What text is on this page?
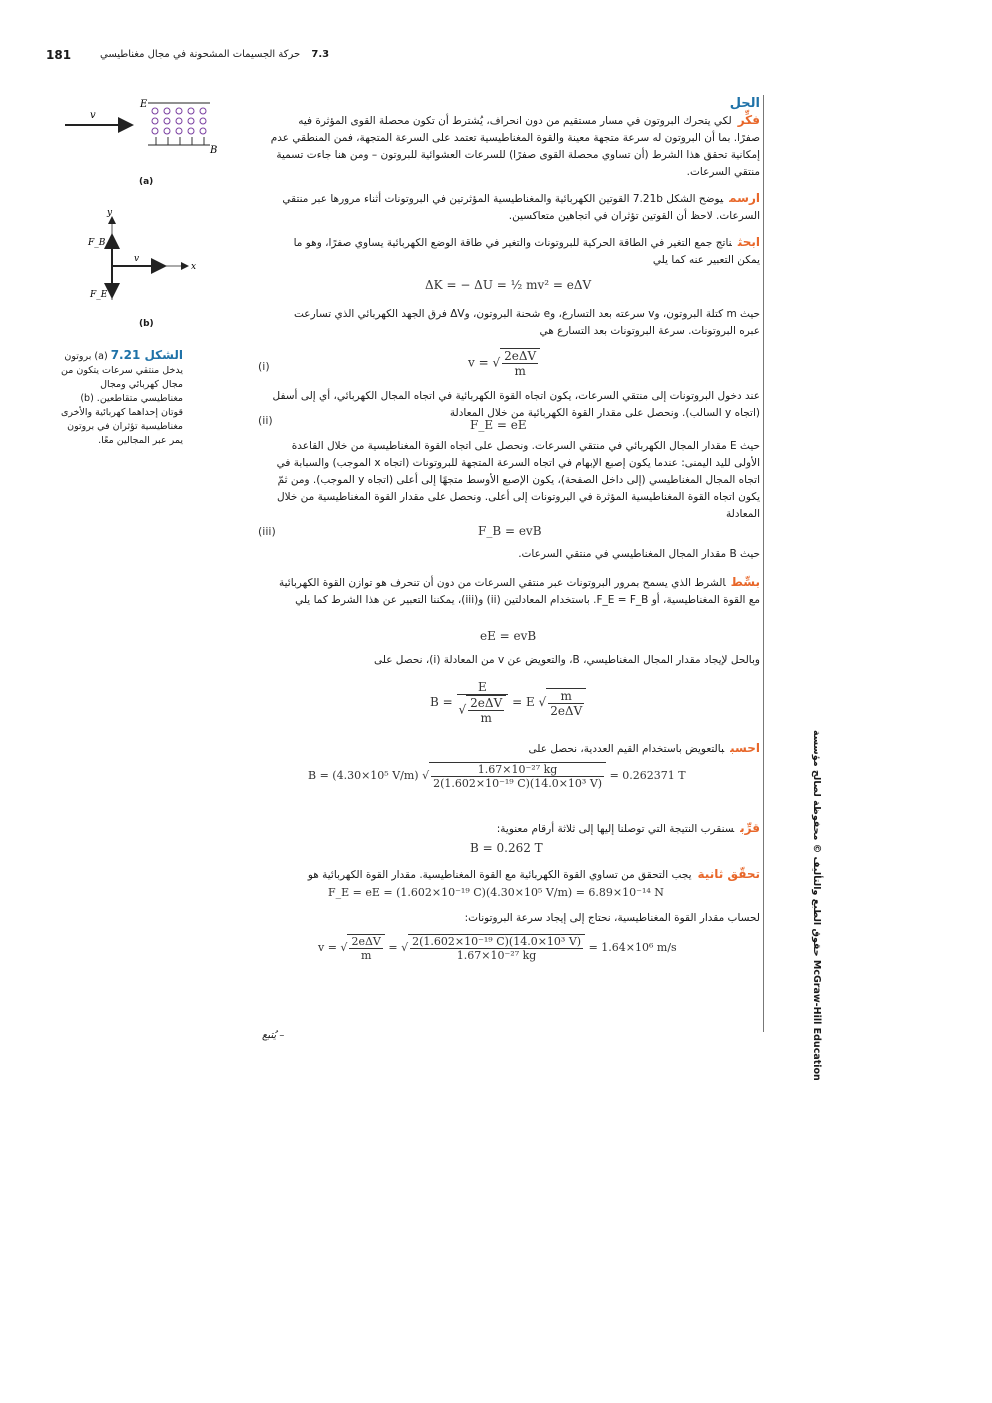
181	7.3 حركة الجسيمات المشحونة في مجال مغناطيسي
حقوق الطبع والتأليف © محفوظة لصالح مؤسسة McGraw-Hill Education
v
E
B
(a)
y
x
F_B
F_E
v
(b)
الشكل 7.21 (a) بروتون يدخل منتقي سرعات يتكون من مجال كهربائي ومجال مغناطيسي متقاطعين. (b) قوتان إحداهما كهربائية والأخرى مغناطيسية تؤثران في بروتون يمر عبر المجالين معًا.
الحل
فكِّرلكي يتحرك البروتون في مسار مستقيم من دون انحراف، يُشترط أن تكون محصلة القوى المؤثرة فيه صفرًا. بما أن البروتون له سرعة متجهة معينة والقوة المغناطيسية تعتمد على السرعة المتجهة، فمن المنطقي عدم إمكانية تحقق هذا الشرط (أن تساوي محصلة القوى صفرًا) للسرعات العشوائية للبروتون – ومن هنا جاءت تسمية منتقي السرعات.
ارسميوضح الشكل 7.21b القوتين الكهربائية والمغناطيسية المؤثرتين في البروتونات أثناء مرورها عبر منتقي السرعات. لاحظ أن القوتين تؤثران في اتجاهين متعاكسين.
ابحثناتج جمع التغير في الطاقة الحركية للبروتونات والتغير في طاقة الوضع الكهربائية يساوي صفرًا، وهو ما يمكن التعبير عنه كما يلي
ΔK = − ΔU = ½ mv² = eΔV
حيث m كتلة البروتون، وv سرعته بعد التسارع، وe شحنة البروتون، وΔV فرق الجهد الكهربائي الذي تسارعت عبره البروتونات. سرعة البروتونات بعد التسارع هي
(i)	v = √ $\frac{\text{2eΔV}}{m}$
عند دخول البروتونات إلى منتقي السرعات، يكون اتجاه القوة الكهربائية في اتجاه المجال الكهربائي، أي إلى أسفل (اتجاه y السالب). ونحصل على مقدار القوة الكهربائية من خلال المعادلة
(ii)	F_E = eE
حيث E مقدار المجال الكهربائي في منتقي السرعات. ونحصل على اتجاه القوة المغناطيسية من خلال القاعدة الأولى لليد اليمنى: عندما يكون إصبع الإبهام في اتجاه السرعة المتجهة للبروتونات (اتجاه x الموجب) والسبابة في اتجاه المجال المغناطيسي (إلى داخل الصفحة)، يكون الإصبع الأوسط متجهًا إلى أعلى (اتجاه y الموجب). ومن ثمّ يكون اتجاه القوة المغناطيسية المؤثرة في البروتونات إلى أعلى. ونحصل على مقدار القوة المغناطيسية من خلال المعادلة
(iii)	F_B = evB
حيث B مقدار المجال المغناطيسي في منتقي السرعات.
بسِّطالشرط الذي يسمح بمرور البروتونات عبر منتقي السرعات من دون أن تنحرف هو توازن القوة الكهربائية مع القوة المغناطيسية، أو F_E = F_B. باستخدام المعادلتين (ii) و(iii)، يمكننا التعبير عن هذا الشرط كما يلي
eE = evB
وبالحل لإيجاد مقدار المجال المغناطيسي، B، والتعويض عن v من المعادلة (i)، نحصل على
$B = \frac{E}{√ \frac{\text{2eΔV}}{m}} = E$ √ $\frac{m}{\text{2eΔV}}$
احسببالتعويض باستخدام القيم العددية، نحصل على
B = (4.30×10⁵ V/m) √ $\frac{\text{1.67×10⁻²⁷ kg}}{\text{2(1.602×10⁻¹⁹ C)(14.0×10³ V)}} = 0.262371$ T
قرِّبسنقرب النتيجة التي توصلنا إليها إلى ثلاثة أرقام معنوية:
B = 0.262 T
تحقّق ثانيةيجب التحقق من تساوي القوة الكهربائية مع القوة المغناطيسية. مقدار القوة الكهربائية هو
F_E = eE = (1.602×10⁻¹⁹ C)(4.30×10⁵ V/m) = 6.89×10⁻¹⁴ N
لحساب مقدار القوة المغناطيسية، نحتاج إلى إيجاد سرعة البروتونات:
v = √ $\frac{\text{2eΔV}}{m}$ = √ $\frac{\text{2(1.602×10⁻¹⁹ C)(14.0×10³ V)}}{\text{1.67×10⁻²⁷ kg}} = 1.64\times 10^6$ m/s
– يُتبع
